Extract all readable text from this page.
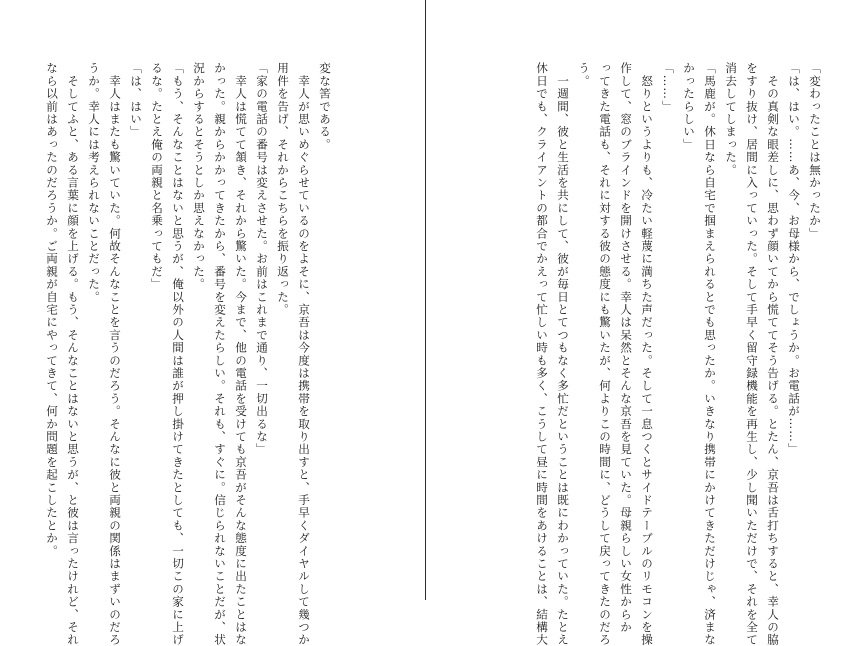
変な筈である。
　幸人が思いめぐらせているのをよそに、京吾は今度は携帯を取り出すと、手早くダイヤルして幾つか
用件を告げ、それからこちらを振り返った。
「家の電話の番号は変えさせた。お前はこれまで通り、一切出るな」
　幸人は慌てて頷き、それから驚いた。今まで、他の電話を受けても京吾がそんな態度に出たことはな
かった。親からかかってきたから、番号を変えたらしい。それも、すぐに。信じられないことだが、状
況からするとそうとしか思えなかった。
「もう、そんなことはないと思うが、俺以外の人間は誰が押し掛けてきたとしても、一切この家に上げ
るな。たとえ俺の両親と名乗ってもだ」
「は、はい」
　幸人はまたも驚いていた。何故そんなことを言うのだろう。そんなに彼と両親の関係はまずいのだろ
うか。幸人には考えられないことだった。
　そしてふと、ある言葉に顔を上げる。もう、そんなことはないと思うが、と彼は言ったけれど、それ
なら以前はあったのだろうか。ご両親が自宅にやってきて、何か問題を起こしたとか。	「変わったことは無かったか」
「は、はい。……あ、今、お母様から、でしょうか。お電話が……」
　その真剣な眼差しに、思わず顔いてから慌ててそう告げる。とたん、京吾は舌打ちすると、幸人の脇
をすり抜け、居間に入っていった。そして手早く留守録機能を再生し、少し聞いただけで、それを全て
消去してしまった。
「馬鹿が。休日なら自宅で掴まえられるとでも思ったか。いきなり携帯にかけてきただけじゃ、済まな
かったらしい」
「……」
　怒りというよりも、冷たい軽蔑に満ちた声だった。そして一息つくとサイドテーブルのリモコンを操
作して、窓のブラインドを開けさせる。幸人は呆然とそんな京吾を見ていた。母親らしい女性からか
ってきた電話も、それに対する彼の態度にも驚いたが、何よりこの時間に、どうして戻ってきたのだろ
う。
　一週間、彼と生活を共にして、彼が毎日とてつもなく多忙だということは既にわかっていた。たとえ
休日でも、クライアントの都合でかえって忙しい時も多く、こうして昼に時間をあけることは、結構大
